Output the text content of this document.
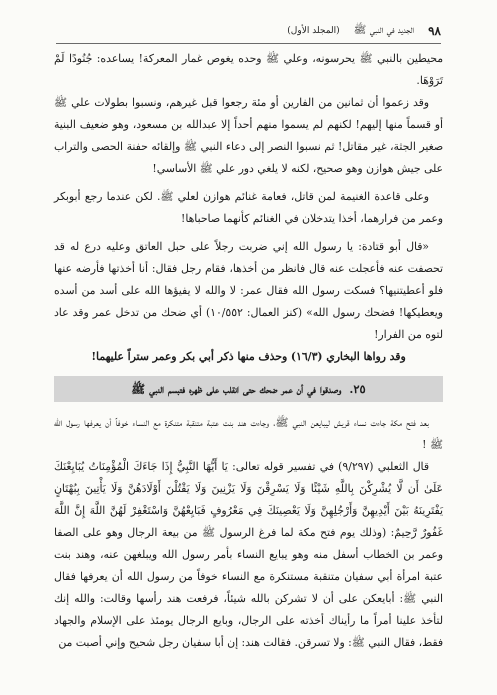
٩٨
الجديد في النبي ﷺ
(المجلد الأول)

محيطين بالنبي ﷺ يحرسونه، وعلي ﷺ وحده يغوص غمار المعركة! يساعده: جُنُودًا لَمْ تَرَوْهَا.

وقد زعموا أن ثمانين من الفارين أو مئة رجعوا قبل غيرهم، ونسبوا بطولات علي ﷺ أو قسماً منها إليهم! لكنهم لم يسموا منهم أحداً إلا عبدالله بن مسعود، وهو ضعيف البنية صغير الجثة، غير مقاتل! ثم نسبوا النصر إلى دعاء النبي ﷺ وإلقائه حفنة الحصى والتراب على جيش هوازن وهو صحيح، لكنه لا يلغي دور علي ﷺ الأساسي!

وعلى قاعدة الغنيمة لمن قاتل، فعامة غنائم هوازن لعلي ﷺ. لكن عندما رجع أبوبكر وعمر من فرارهما، أخذا يتدخلان في الغنائم كأنهما صاحباها!

«قال أبو قتادة: يا رسول الله إني ضربت رجلاً على حبل العاتق وعليه درع له قد تحصفت عنه فأعجلت عنه قال فانظر من أخذها، فقام رجل فقال: أنا أخذتها فأرضه عنها فلو أعطيتنيها؟ فسكت رسول الله فقال عمر: لا والله لا يفيؤها الله على أسد من أسده ويعطيكها! فضحك رسول الله» (كنز العمال: ١٠/٥٥٢) أي ضحك من تدخل عمر وقد عاد لتوه من الفرار!

وقد رواها البخاري (١٦/٣) وحذف منها ذكر أبي بكر وعمر ستراً عليهما!

٢٥. وصدقوا في أن عمر ضحك حتى انقلب على ظهره فتبسم النبي ﷺ

بعد فتح مكة جاءت نساء قريش ليبايعن النبي ﷺ، وجاءت هند بنت عتبة متنقبة متنكرة مع النساء خوفاً أن يعرفها رسول الله ﷺ !

قال الثعلبي (٩/٢٩٧) في تفسير قوله تعالى: يَا أَيُّهَا النَّبِيُّ إِذَا جَاءَكَ الْمُؤْمِنَاتُ يُبَايِعْنَكَ عَلَىٰ أَن لَّا يُشْرِكْنَ بِاللَّهِ شَيْئًا وَلَا يَسْرِقْنَ وَلَا يَزْنِينَ وَلَا يَقْتُلْنَ أَوْلَادَهُنَّ وَلَا يَأْتِينَ بِبُهْتَانٍ يَفْتَرِينَهُ بَيْنَ أَيْدِيهِنَّ وَأَرْجُلِهِنَّ وَلَا يَعْصِينَكَ فِي مَعْرُوفٍ فَبَايِعْهُنَّ وَاسْتَغْفِرْ لَهُنَّ اللَّهَ إِنَّ اللَّهَ غَفُورٌ رَّحِيمٌ: (وذلك يوم فتح مكة لما فرغ الرسول ﷺ من بيعة الرجال وهو على الصفا وعمر بن الخطاب أسفل منه وهو يبايع النساء بأمر رسول الله ويبلغهن عنه، وهند بنت عتبة امرأة أبي سفيان متنقبة مستنكرة مع النساء خوفاً من رسول الله أن يعرفها فقال النبي ﷺ: أبايعكن على أن لا تشركن بالله شيئاً، فرفعت هند رأسها وقالت: والله إنك لتأخذ علينا أمراً ما رأيناك أخذته على الرجال، وبايع الرجال يومئذ على الإسلام والجهاد فقط، فقال النبي ﷺ: ولا تسرقن. فقالت هند: إن أبا سفيان رجل شحيح وإني أصبت من
